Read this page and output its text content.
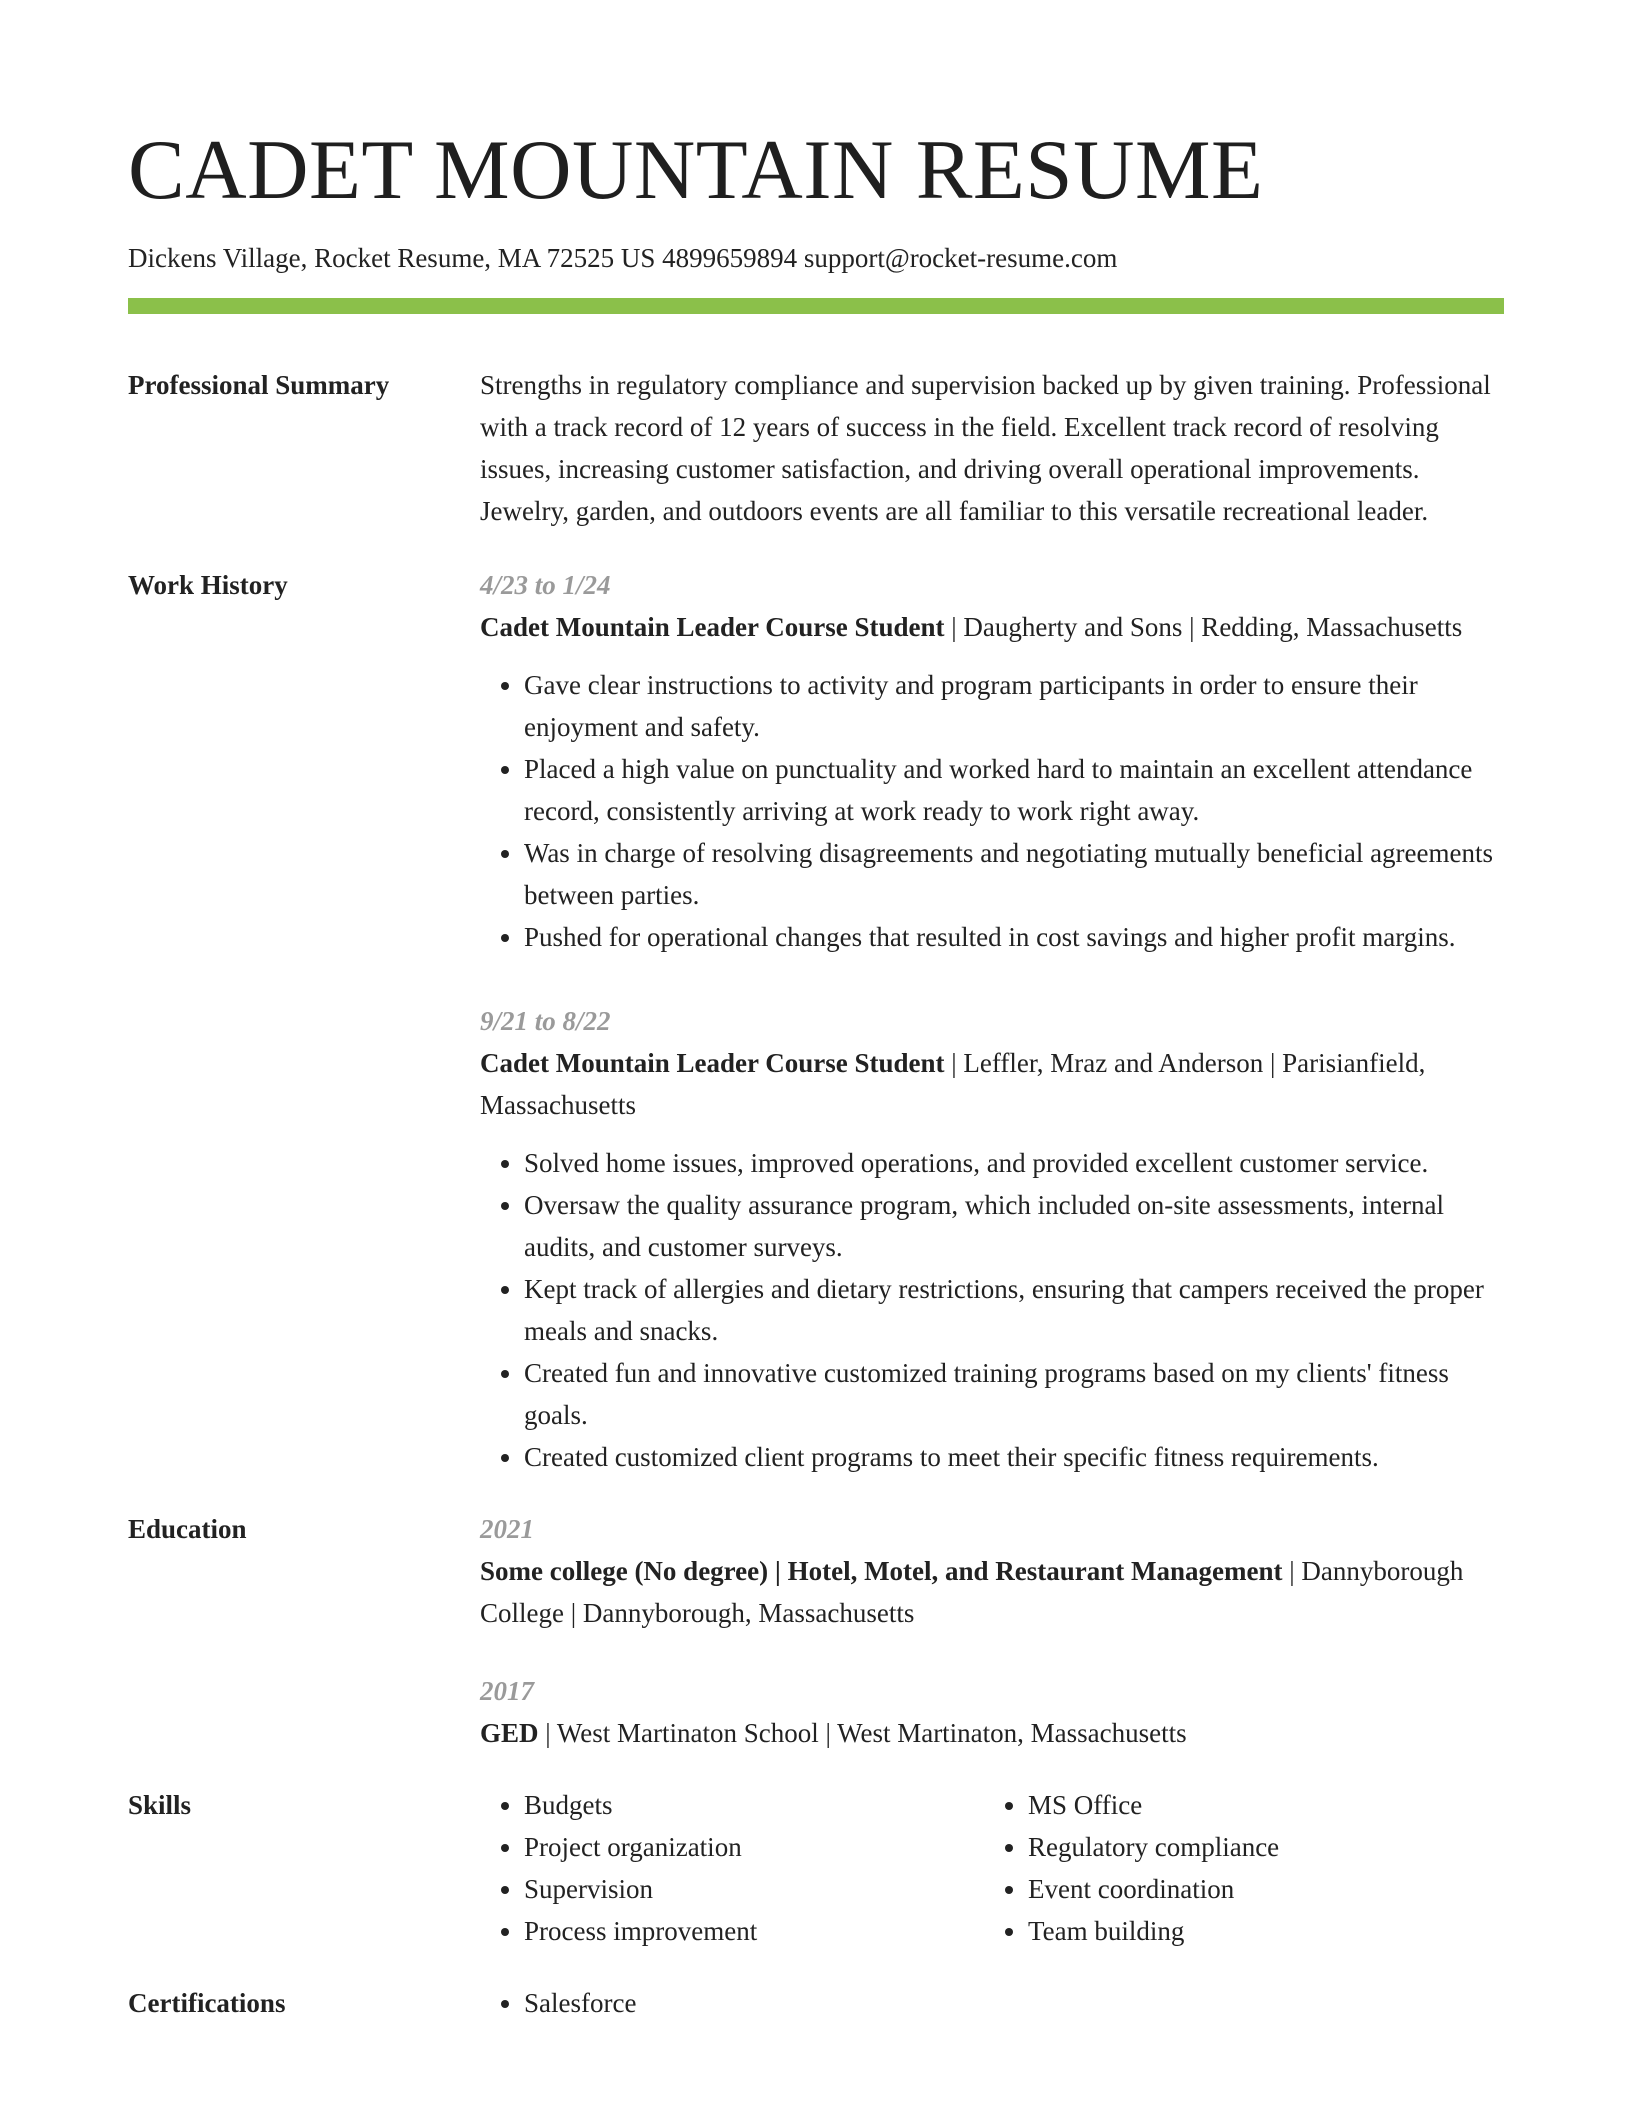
CADET MOUNTAIN RESUME
Dickens Village, Rocket Resume, MA 72525 US 4899659894 support@rocket-resume.com
Professional Summary	Strengths in regulatory compliance and supervision backed up by given training. Professional with a track record of 12 years of success in the field. Excellent track record of resolving issues, increasing customer satisfaction, and driving overall operational improvements. Jewelry, garden, and outdoors events are all familiar to this versatile recreational leader.
Work History	4/23 to 1/24
Cadet Mountain Leader Course Student | Daugherty and Sons | Redding, Massachusetts
• Gave clear instructions to activity and program participants in order to ensure their enjoyment and safety.
• Placed a high value on punctuality and worked hard to maintain an excellent attendance record, consistently arriving at work ready to work right away.
• Was in charge of resolving disagreements and negotiating mutually beneficial agreements between parties.
• Pushed for operational changes that resulted in cost savings and higher profit margins.
9/21 to 8/22
Cadet Mountain Leader Course Student | Leffler, Mraz and Anderson | Parisianfield, Massachusetts
• Solved home issues, improved operations, and provided excellent customer service.
• Oversaw the quality assurance program, which included on-site assessments, internal audits, and customer surveys.
• Kept track of allergies and dietary restrictions, ensuring that campers received the proper meals and snacks.
• Created fun and innovative customized training programs based on my clients' fitness goals.
• Created customized client programs to meet their specific fitness requirements.
Education	2021
Some college (No degree) | Hotel, Motel, and Restaurant Management | Dannyborough College | Dannyborough, Massachusetts
2017
GED | West Martinaton School | West Martinaton, Massachusetts
Skills	• Budgets
• Project organization
• Supervision
• Process improvement
• MS Office
• Regulatory compliance
• Event coordination
• Team building
Certifications	• Salesforce
